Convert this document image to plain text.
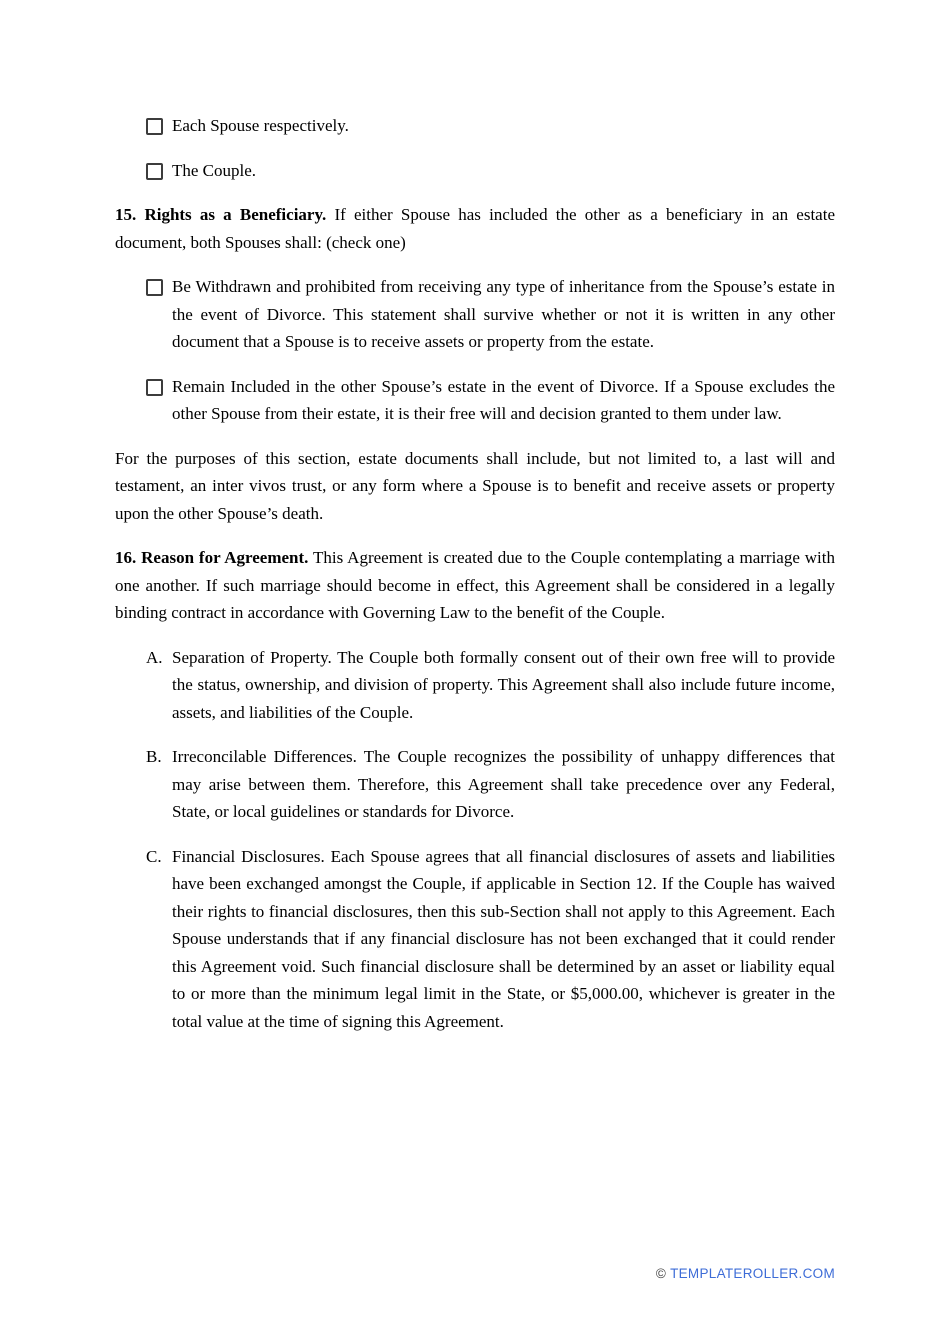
Each Spouse respectively.
The Couple.

15. Rights as a Beneficiary. If either Spouse has included the other as a beneficiary in an estate document, both Spouses shall: (check one)

Be Withdrawn and prohibited from receiving any type of inheritance from the Spouse’s estate in the event of Divorce. This statement shall survive whether or not it is written in any other document that a Spouse is to receive assets or property from the estate.
Remain Included in the other Spouse’s estate in the event of Divorce. If a Spouse excludes the other Spouse from their estate, it is their free will and decision granted to them under law.

For the purposes of this section, estate documents shall include, but not limited to, a last will and testament, an inter vivos trust, or any form where a Spouse is to benefit and receive assets or property upon the other Spouse’s death.

16. Reason for Agreement. This Agreement is created due to the Couple contemplating a marriage with one another. If such marriage should become in effect, this Agreement shall be considered in a legally binding contract in accordance with Governing Law to the benefit of the Couple.

A. Separation of Property. The Couple both formally consent out of their own free will to provide the status, ownership, and division of property. This Agreement shall also include future income, assets, and liabilities of the Couple.
B. Irreconcilable Differences. The Couple recognizes the possibility of unhappy differences that may arise between them. Therefore, this Agreement shall take precedence over any Federal, State, or local guidelines or standards for Divorce.
C. Financial Disclosures. Each Spouse agrees that all financial disclosures of assets and liabilities have been exchanged amongst the Couple, if applicable in Section 12. If the Couple has waived their rights to financial disclosures, then this sub-Section shall not apply to this Agreement. Each Spouse understands that if any financial disclosure has not been exchanged that it could render this Agreement void. Such financial disclosure shall be determined by an asset or liability equal to or more than the minimum legal limit in the State, or $5,000.00, whichever is greater in the total value at the time of signing this Agreement.
© TEMPLATEROLLER.COM
